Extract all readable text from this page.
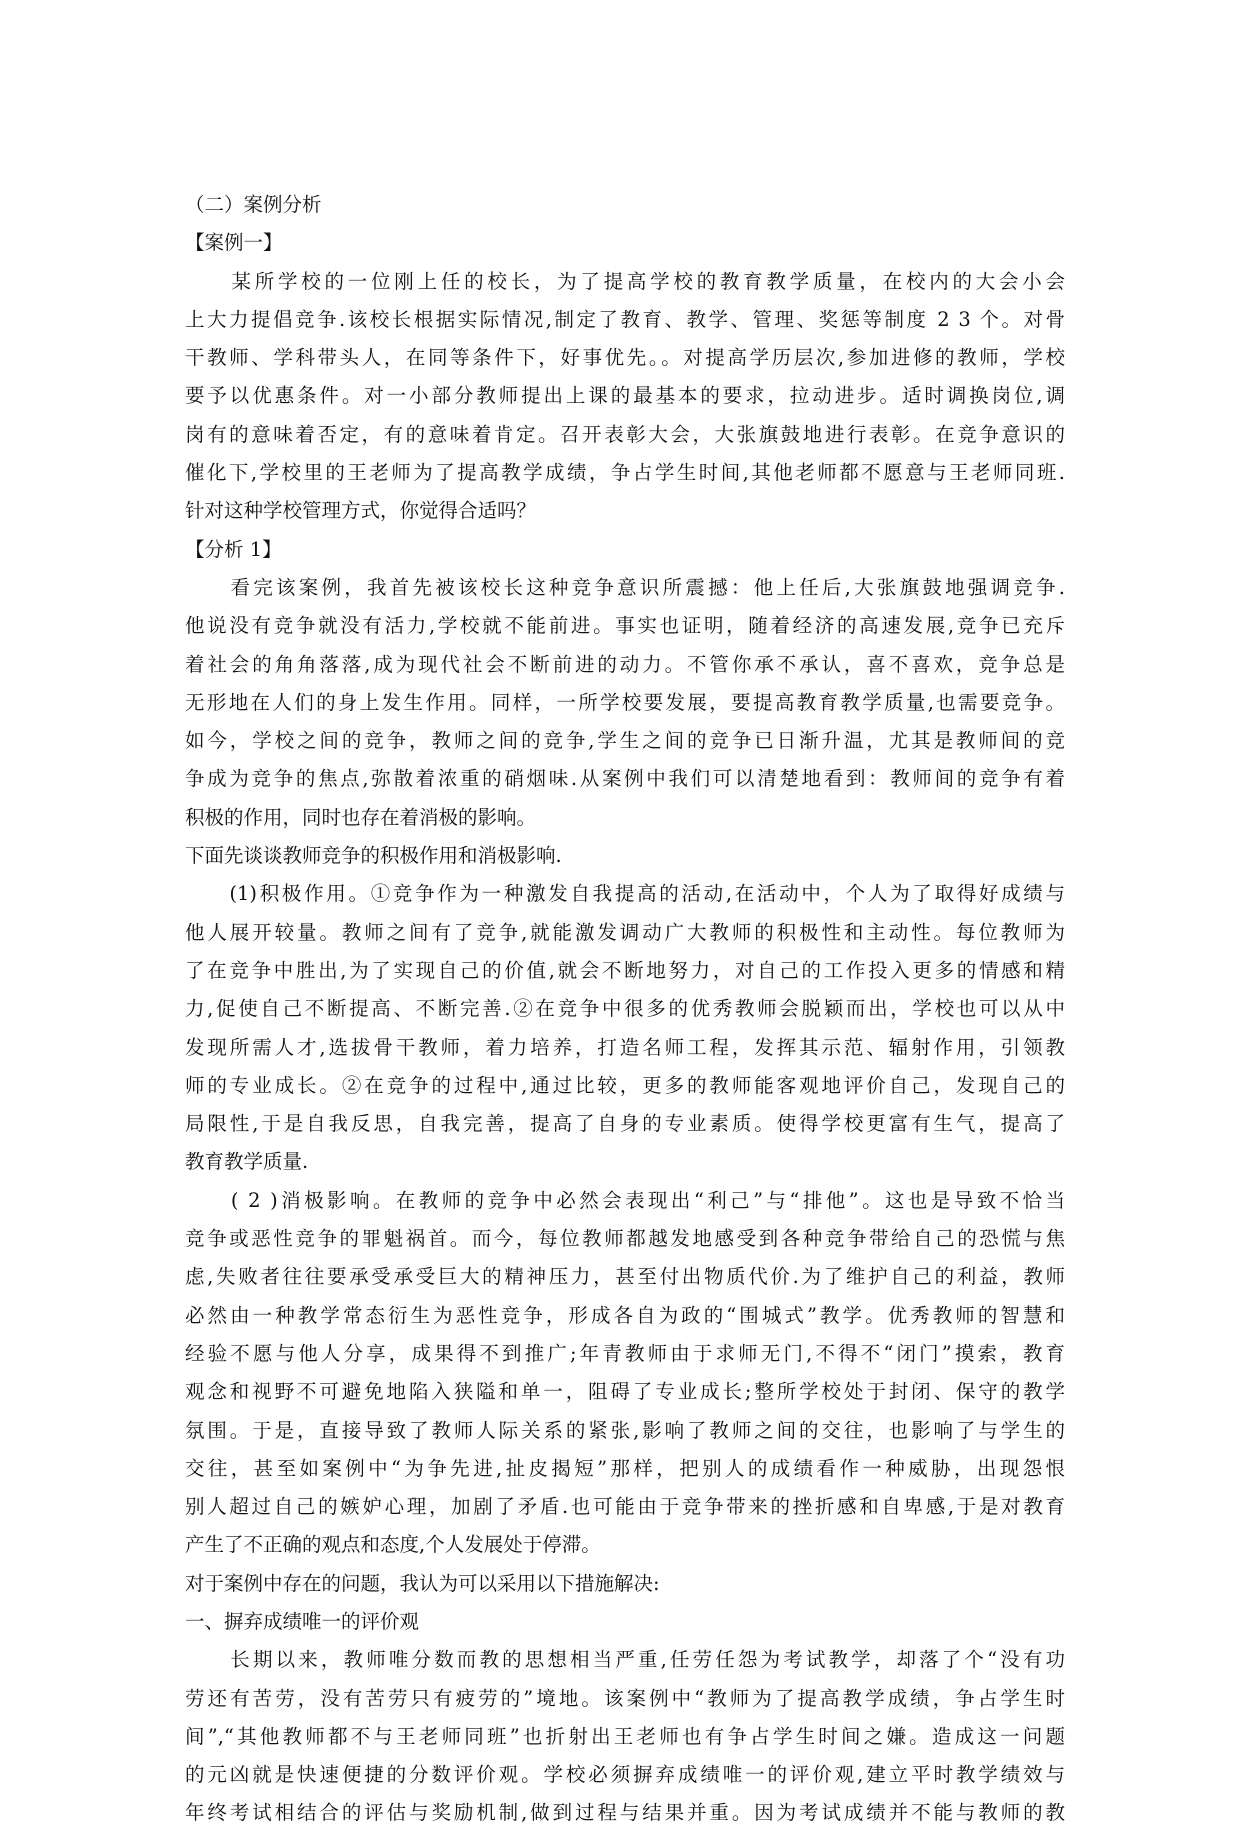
（二）案例分析
【案例一】
　　某所学校的一位刚上任的校长，为了提高学校的教育教学质量，在校内的大会小会
上大力提倡竞争.该校长根据实际情况,制定了教育、教学、管理、奖惩等制度 2 3 个。对骨
干教师、学科带头人，在同等条件下，好事优先。。对提高学历层次,参加进修的教师，学校
要予以优惠条件。对一小部分教师提出上课的最基本的要求，拉动进步。适时调换岗位,调
岗有的意味着否定，有的意味着肯定。召开表彰大会，大张旗鼓地进行表彰。在竞争意识的
催化下,学校里的王老师为了提高教学成绩，争占学生时间,其他老师都不愿意与王老师同班.
针对这种学校管理方式，你觉得合适吗？
【分析 1】
　　看完该案例，我首先被该校长这种竞争意识所震撼：他上任后,大张旗鼓地强调竞争.
他说没有竞争就没有活力,学校就不能前进。事实也证明，随着经济的高速发展,竞争已充斥
着社会的角角落落,成为现代社会不断前进的动力。不管你承不承认，喜不喜欢，竞争总是
无形地在人们的身上发生作用。同样，一所学校要发展，要提高教育教学质量,也需要竞争。
如今，学校之间的竞争，教师之间的竞争,学生之间的竞争已日渐升温，尤其是教师间的竞
争成为竞争的焦点,弥散着浓重的硝烟味.从案例中我们可以清楚地看到：教师间的竞争有着
积极的作用，同时也存在着消极的影响。
下面先谈谈教师竞争的积极作用和消极影响.
　　(1)积极作用。①竞争作为一种激发自我提高的活动,在活动中，个人为了取得好成绩与
他人展开较量。教师之间有了竞争,就能激发调动广大教师的积极性和主动性。每位教师为
了在竞争中胜出,为了实现自己的价值,就会不断地努力，对自己的工作投入更多的情感和精
力,促使自己不断提高、不断完善.②在竞争中很多的优秀教师会脱颖而出，学校也可以从中
发现所需人才,选拔骨干教师，着力培养，打造名师工程，发挥其示范、辐射作用，引领教
师的专业成长。②在竞争的过程中,通过比较，更多的教师能客观地评价自己，发现自己的
局限性,于是自我反思，自我完善，提高了自身的专业素质。使得学校更富有生气，提高了
教育教学质量.
　　( 2 )消极影响。在教师的竞争中必然会表现出“利己”与“排他”。这也是导致不恰当
竞争或恶性竞争的罪魁祸首。而今，每位教师都越发地感受到各种竞争带给自己的恐慌与焦
虑,失败者往往要承受承受巨大的精神压力，甚至付出物质代价.为了维护自己的利益，教师
必然由一种教学常态衍生为恶性竞争，形成各自为政的“围城式”教学。优秀教师的智慧和
经验不愿与他人分享，成果得不到推广;年青教师由于求师无门,不得不“闭门”摸索，教育
观念和视野不可避免地陷入狭隘和单一，阻碍了专业成长;整所学校处于封闭、保守的教学
氛围。于是，直接导致了教师人际关系的紧张,影响了教师之间的交往，也影响了与学生的
交往，甚至如案例中“为争先进,扯皮揭短”那样，把别人的成绩看作一种威胁，出现怨恨
别人超过自己的嫉妒心理，加剧了矛盾.也可能由于竞争带来的挫折感和自卑感,于是对教育
产生了不正确的观点和态度,个人发展处于停滞。
对于案例中存在的问题，我认为可以采用以下措施解决:
一、摒弃成绩唯一的评价观
　　长期以来，教师唯分数而教的思想相当严重,任劳任怨为考试教学，却落了个“没有功
劳还有苦劳，没有苦劳只有疲劳的”境地。该案例中“教师为了提高教学成绩，争占学生时
间”,“其他教师都不与王老师同班”也折射出王老师也有争占学生时间之嫌。造成这一问题
的元凶就是快速便捷的分数评价观。学校必须摒弃成绩唯一的评价观,建立平时教学绩效与
年终考试相结合的评估与奖励机制,做到过程与结果并重。因为考试成绩并不能与教师的教
